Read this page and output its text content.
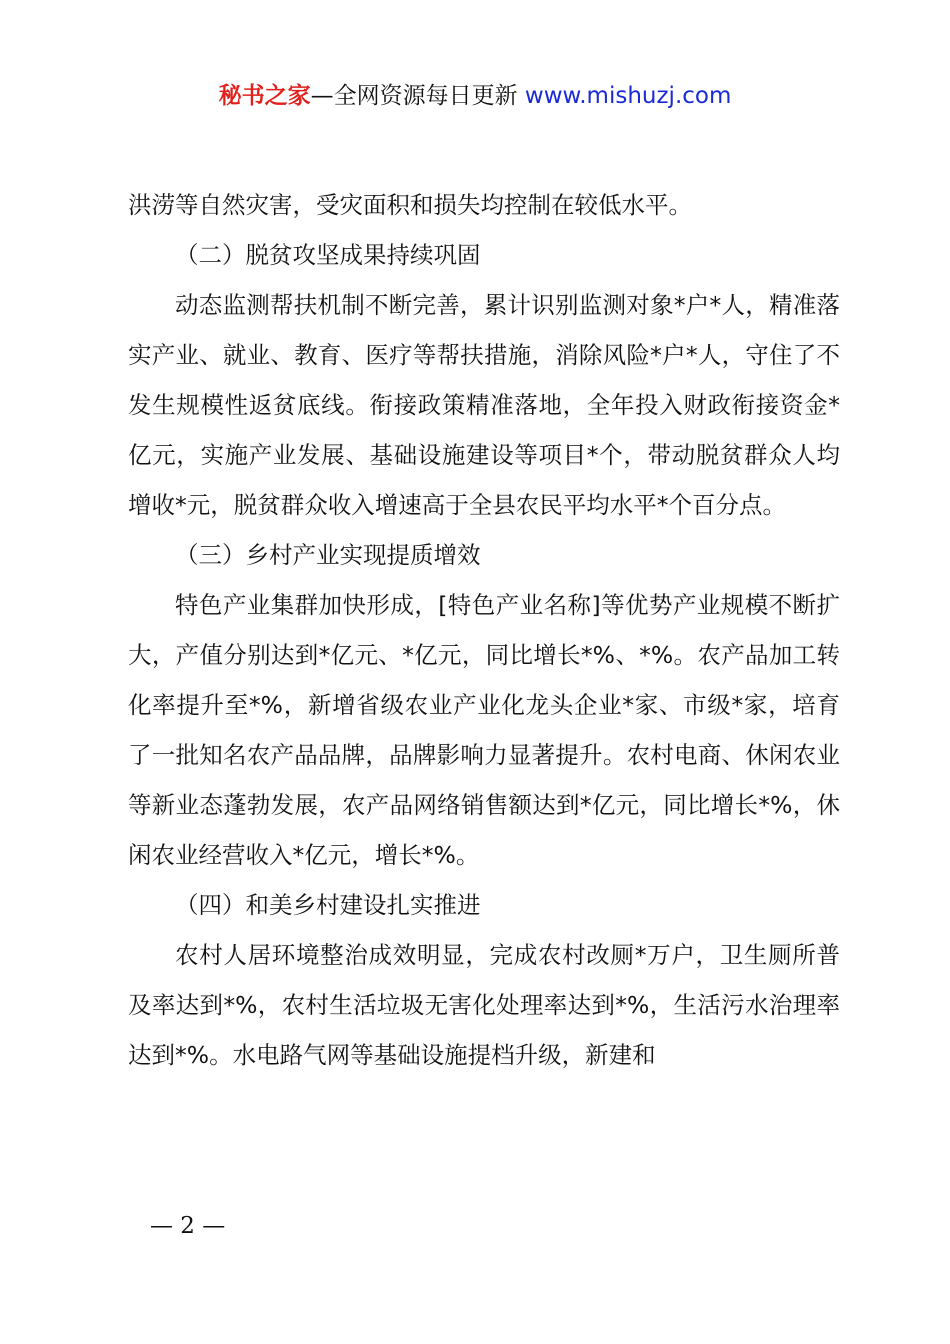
秘书之家—全网资源每日更新 www.mishuzj.com

洪涝等自然灾害，受灾面积和损失均控制在较低水平。

（二）脱贫攻坚成果持续巩固

动态监测帮扶机制不断完善，累计识别监测对象*户*人，精准落实产业、就业、教育、医疗等帮扶措施，消除风险*户*人，守住了不发生规模性返贫底线。衔接政策精准落地，全年投入财政衔接资金*亿元，实施产业发展、基础设施建设等项目*个，带动脱贫群众人均增收*元，脱贫群众收入增速高于全县农民平均水平*个百分点。

（三）乡村产业实现提质增效

特色产业集群加快形成，[特色产业名称]等优势产业规模不断扩大，产值分别达到*亿元、*亿元，同比增长*%、*%。农产品加工转化率提升至*%，新增省级农业产业化龙头企业*家、市级*家，培育了一批知名农产品品牌，品牌影响力显著提升。农村电商、休闲农业等新业态蓬勃发展，农产品网络销售额达到*亿元，同比增长*%，休闲农业经营收入*亿元，增长*%。

（四）和美乡村建设扎实推进

农村人居环境整治成效明显，完成农村改厕*万户，卫生厕所普及率达到*%，农村生活垃圾无害化处理率达到*%，生活污水治理率达到*%。水电路气网等基础设施提档升级，新建和

— 2 —
